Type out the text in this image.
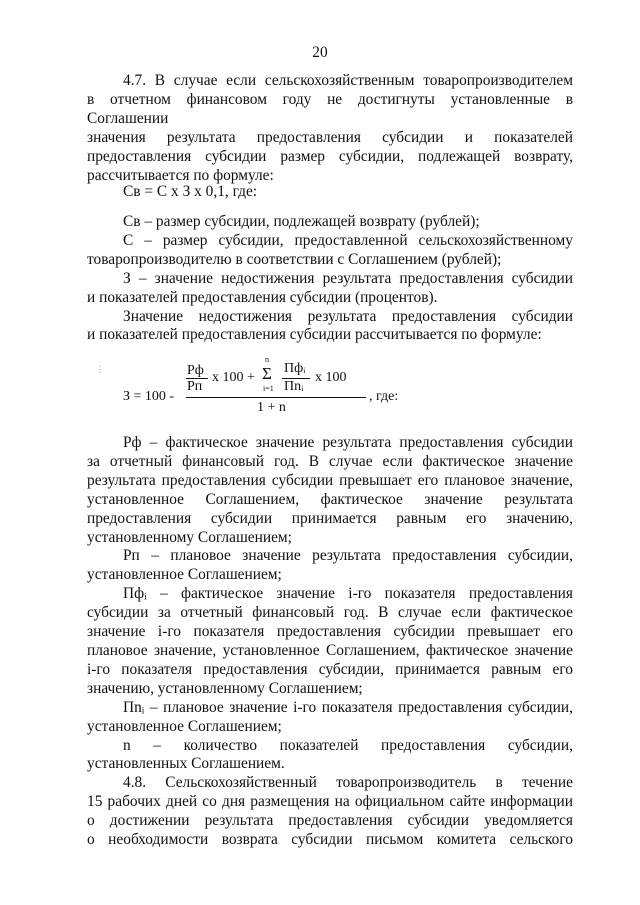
20
4.7. В случае если сельскохозяйственным товаропроизводителем
в отчетном финансовом году не достигнуты установленные в Соглашении
значения результата предоставления субсидии и показателей
предоставления субсидии размер субсидии, подлежащей возврату,
рассчитывается по формуле:
Св = С х З х 0,1, где:
Св – размер субсидии, подлежащей возврату (рублей);
С – размер субсидии, предоставленной сельскохозяйственному
товаропроизводителю в соответствии с Соглашением (рублей);
З – значение недостижения результата предоставления субсидии
и показателей предоставления субсидии (процентов).
Значение недостижения результата предоставления субсидии
и показателей предоставления субсидии рассчитывается по формуле:
⋮
З = 100 -
Рф
Рп
х 100 +
n
Σ
i=1
Пфᵢ
Пnᵢ
х 100
, где:
1 + n
Рф – фактическое значение результата предоставления субсидии
за отчетный финансовый год. В случае если фактическое значение
результата предоставления субсидии превышает его плановое значение,
установленное Соглашением, фактическое значение результата
предоставления субсидии принимается равным его значению,
установленному Соглашением;
Рп – плановое значение результата предоставления субсидии,
установленное Соглашением;
Пфᵢ – фактическое значение i-го показателя предоставления
субсидии за отчетный финансовый год. В случае если фактическое
значение i-го показателя предоставления субсидии превышает его
плановое значение, установленное Соглашением, фактическое значение
i-го показателя предоставления субсидии, принимается равным его
значению, установленному Соглашением;
Пnᵢ – плановое значение i-го показателя предоставления субсидии,
установленное Соглашением;
n – количество показателей предоставления субсидии,
установленных Соглашением.
4.8. Сельскохозяйственный товаропроизводитель в течение
15 рабочих дней со дня размещения на официальном сайте информации
о достижении результата предоставления субсидии уведомляется
о необходимости возврата субсидии письмом комитета сельского
